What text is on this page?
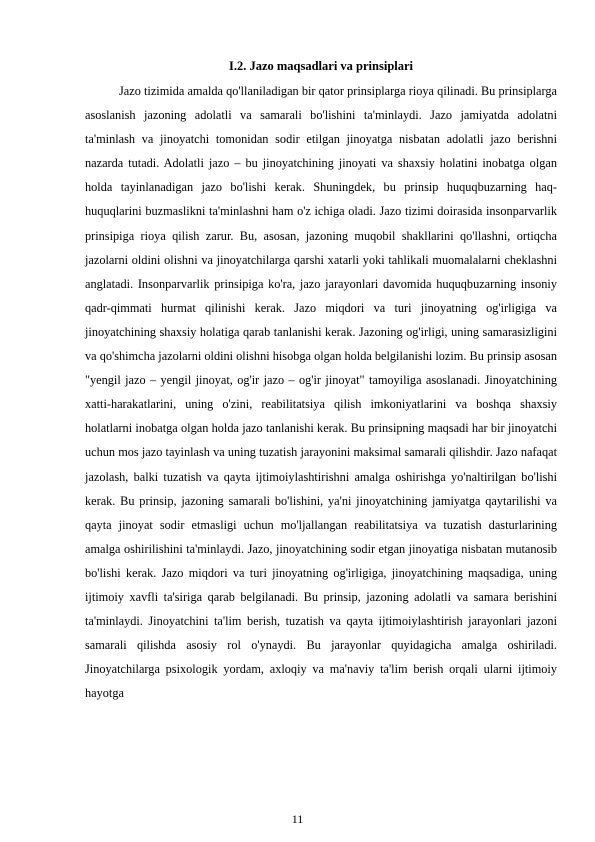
I.2. Jazo maqsadlari va prinsiplari

Jazo tizimida amalda qo'llaniladigan bir qator prinsiplarga rioya qilinadi. Bu prinsiplarga asoslanish jazoning adolatli va samarali bo'lishini ta'minlaydi. Jazo jamiyatda adolatni ta'minlash va jinoyatchi tomonidan sodir etilgan jinoyatga nisbatan adolatli jazo berishni nazarda tutadi. Adolatli jazo – bu jinoyatchining jinoyati va shaxsiy holatini inobatga olgan holda tayinlanadigan jazo bo'lishi kerak. Shuningdek, bu prinsip huquqbuzarning haq-huquqlarini buzmaslikni ta'minlashni ham o'z ichiga oladi. Jazo tizimi doirasida insonparvarlik prinsipiga rioya qilish zarur. Bu, asosan, jazoning muqobil shakllarini qo'llashni, ortiqcha jazolarni oldini olishni va jinoyatchilarga qarshi xatarli yoki tahlikali muomalalarni cheklashni anglatadi. Insonparvarlik prinsipiga ko'ra, jazo jarayonlari davomida huquqbuzarning insoniy qadr-qimmati hurmat qilinishi kerak. Jazo miqdori va turi jinoyatning og'irligiga va jinoyatchining shaxsiy holatiga qarab tanlanishi kerak. Jazoning og'irligi, uning samarasizligini va qo'shimcha jazolarni oldini olishni hisobga olgan holda belgilanishi lozim. Bu prinsip asosan "yengil jazo – yengil jinoyat, og'ir jazo – og'ir jinoyat" tamoyiliga asoslanadi. Jinoyatchining xatti-harakatlarini, uning o'zini, reabilitatsiya qilish imkoniyatlarini va boshqa shaxsiy holatlarni inobatga olgan holda jazo tanlanishi kerak. Bu prinsipning maqsadi har bir jinoyatchi uchun mos jazo tayinlash va uning tuzatish jarayonini maksimal samarali qilishdir. Jazo nafaqat jazolash, balki tuzatish va qayta ijtimoiylashtirishni amalga oshirishga yo'naltirilgan bo'lishi kerak. Bu prinsip, jazoning samarali bo'lishini, ya'ni jinoyatchining jamiyatga qaytarilishi va qayta jinoyat sodir etmasligi uchun mo'ljallangan reabilitatsiya va tuzatish dasturlarining amalga oshirilishini ta'minlaydi. Jazo, jinoyatchining sodir etgan jinoyatiga nisbatan mutanosib bo'lishi kerak. Jazo miqdori va turi jinoyatning og'irligiga, jinoyatchining maqsadiga, uning ijtimoiy xavfli ta'siriga qarab belgilanadi. Bu prinsip, jazoning adolatli va samara berishini ta'minlaydi. Jinoyatchini ta'lim berish, tuzatish va qayta ijtimoiylashtirish jarayonlari jazoni samarali qilishda asosiy rol o'ynaydi. Bu jarayonlar quyidagicha amalga oshiriladi. Jinoyatchilarga psixologik yordam, axloqiy va ma'naviy ta'lim berish orqali ularni ijtimoiy hayotga

11
